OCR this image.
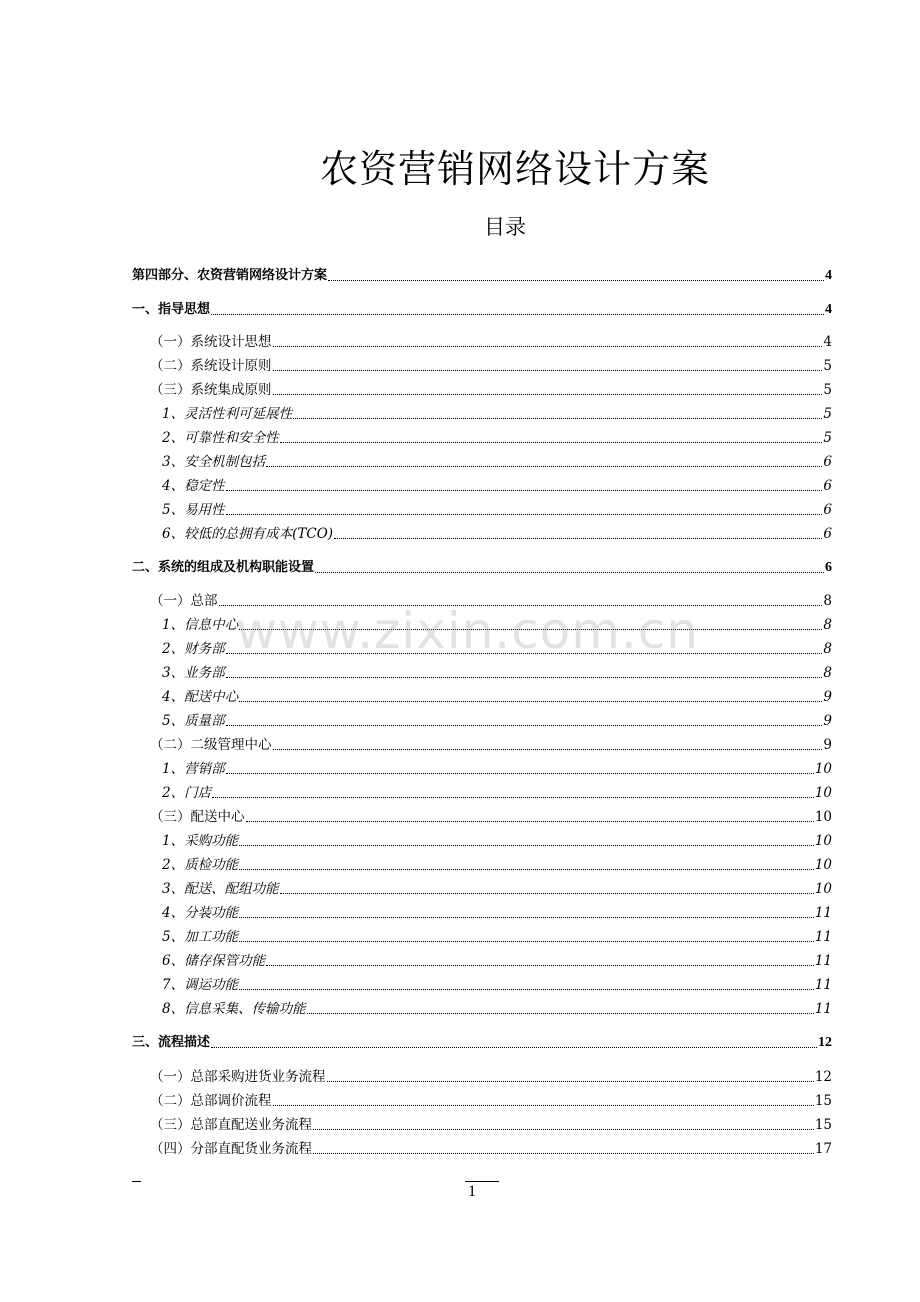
农资营销网络设计方案
目录
第四部分、农资营销网络设计方案	4
一、指导思想	4
（一）系统设计思想	4
（二）系统设计原则	5
（三）系统集成原则	5
1、灵活性利可延展性	5
2、可靠性和安全性	5
3、安全机制包括	6
4、稳定性	6
5、易用性	6
6、较低的总拥有成本(TCO)	6
二、系统的组成及机构职能设置	6
（一）总部	8
1、信息中心	8
2、财务部	8
3、业务部	8
4、配送中心	9
5、质量部	9
（二）二级管理中心	9
1、营销部	10
2、门店	10
（三）配送中心	10
1、采购功能	10
2、质检功能	10
3、配送、配组功能	10
4、分装功能	11
5、加工功能	11
6、储存保管功能	11
7、调运功能	11
8、信息采集、传输功能	11
三、流程描述	12
（一）总部采购进货业务流程	12
（二）总部调价流程	15
（三）总部直配送业务流程	15
（四）分部直配货业务流程	17
www.zixin.com.cn
1
